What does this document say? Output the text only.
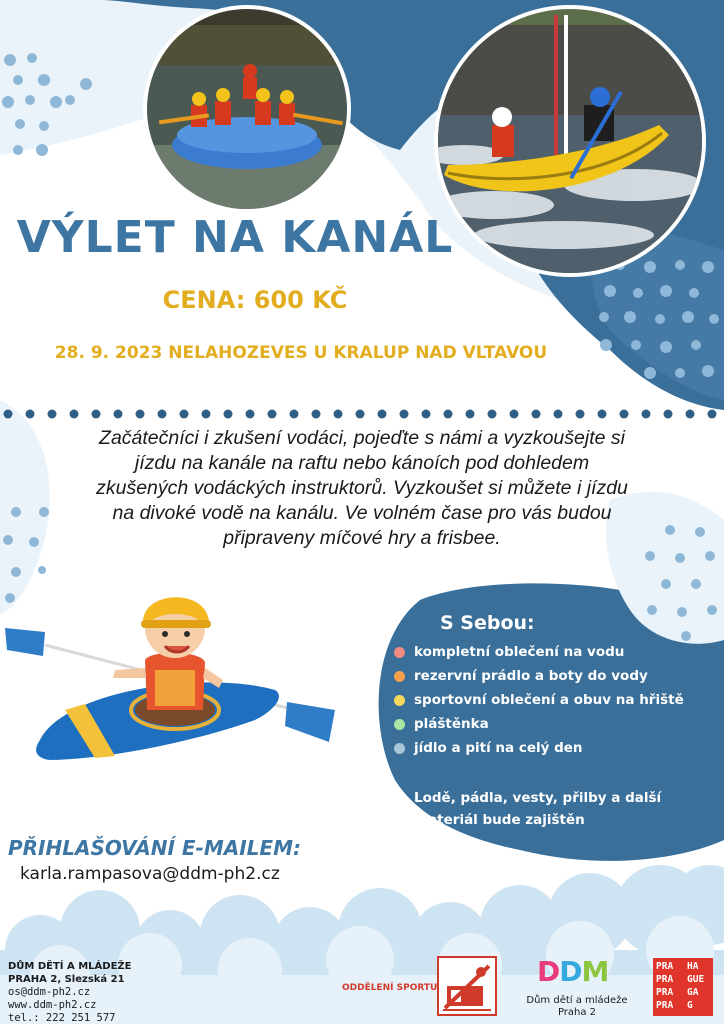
VÝLET NA KANÁL
CENA: 600 KČ
28. 9. 2023 NELAHOZEVES U KRALUP NAD VLTAVOU
Začátečníci i zkušení vodáci, pojeďte s námi a vyzkoušejte si
jízdu na kanále na raftu nebo kánoích pod dohledem
zkušených vodáckých instruktorů. Vyzkoušet si můžete i jízdu
na divoké vodě na kanálu. Ve volném čase pro vás budou
připraveny míčové hry a frisbee.
S Sebou:
kompletní oblečení na vodu
rezervní prádlo a boty do vody
sportovní oblečení a obuv na hřiště
pláštěnka
jídlo a pití na celý den
Lodě, pádla, vesty, přilby a další
materiál bude zajištěn
PŘIHLAŠOVÁNÍ E-MAILEM:
karla.rampasova@ddm-ph2.cz
DŮM DĚTÍ A MLÁDEŽE
PRAHA 2, Slezská 21
os@ddm-ph2.cz
www.ddm-ph2.cz
tel.: 222 251 577
ODDĚLENÍ SPORTU	DDM
Dům dětí a mládeže
Praha 2
PRA HA
PRA GUE
PRA GA
PRA G
